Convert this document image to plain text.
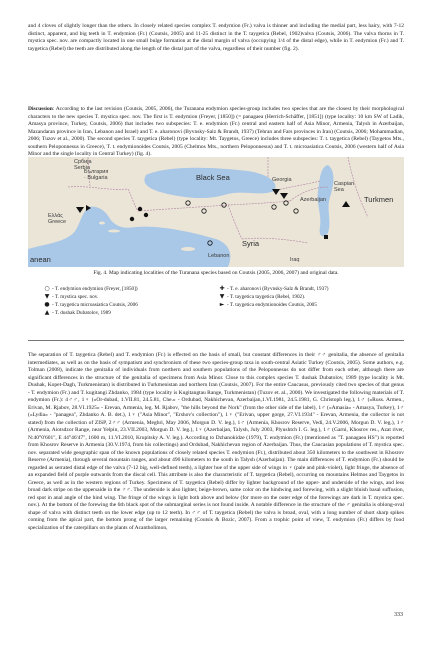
and 4 cloves of slightly longer than the others. In closely related species complex T. endymion (Fr.) valva is thinner and including the medial part, less hairy, with 7-12 distinct, apparent, and big teeth in T. endymion (Fr.) (Coutsis, 2005) and 11-25 distinct in the T. taygetica (Rebel, 1902)valva (Coutsis, 2006). The valva thorns in T. mystica spec. nov. are compactly located in one small bulge formation at the distal margin of valva (occupying 1/4 of the distal edge), while in T. endymion (Fr.) and T. taygetica (Rebel) the teeth are distributed along the length of the distal part of the valva, regardless of their number (fig. 2).

Discussion: According to the last revision (Coutsis, 2005, 2006), the Turanana endymion species-group includes two species that are the closest by their morphological characters to the new species T. mystica spec. nov. The first is T. endymion (Freyer, [1850]) (= panagaea (Herrich-Schäffer, [1851]) (type locality: 10 km SW of Ladik, Amasya province, Turkey, Coutsis, 2006) that includes two subspecies: T. e. endymion (Fr.) central and eastern half of Asia Minor, Armenia, Talysh in Azerbaijan, Mazandaran province in Iran, Lebanon and Israel) and T. e. aharonovi (Byvnsky-Salz & Brandt, 1937) (Tehran and Fars provinces in Iran) (Coutsis, 2006; Mohammadian, 2006; Tuzov et al., 2000). The second species T. taygetica (Rebel) (type locality: Mt. Taygetos, Greece) includes three subspecies: T. t. taygetica (Rebel) (Taygetos Mts., southern Peloponnesus in Greece), T. t. endymionoides Coutsis, 2005 (Chelmos Mts., northern Peloponnesus) and T. t. microasiatica Coutsis, 2006 (western half of Asia Minor and the single locality in Central Turkey) (fig. 4).

Србија
Serbia
България
· Bulgaria	Black Sea	Georgia
Caspian
Sea
Azerbaijan
Ελλάς
Greece
Turkmen
Syria
Lebanon
Iraq
anean

Fig. 4. Map indicating localities of the Turanana species based on Coutsis (2005, 2006, 2007) and original data.

○ - T. endymion endymion (Freyer, [1850])	✚ - T. e. aharonovi (Byvnsky-Salz & Brandt, 1937)
▼ - T. mystica spec. nov.	▼ - T. taygetica taygetica (Rebel, 1902).
● - T. taygetica microasiatica Coutsis, 2006	► - T. taygetica endymionoides Coutsis, 2005
▲ - T. dushak Dubatolov, 1989

The separation of T. taygetica (Rebel) and T. endymion (Fr.) is effected on the basis of small, but constant differences in their ♂♂ genitalia, the absence of genitalia intermediates, as well as on the basis of sympatism and synchronism of these two species-group taxa in south-central Asiatic Turkey (Coutsis, 2005). Some authors, e.g. Tolman (2008), indicate the genitalia of individuals from northern and southern populations of the Peloponnesus do not differ from each other, although there are significant differences in the structure of the genitalia of specimens from Asia Minor. Close to this complex species T. dushak Dubatolov, 1989 (type locality is Mt. Dushak, Kopet-Dagh, Turkmenistan) is distributed in Turkmenistan and northern Iran (Coutsis, 2007). For the entire Caucasus, previously cited two species of that genus - T. endymion (Fr.) and T. kugitangi Zhdanko, 1984 (type locality is Kugitangtau Range, Turkmenistan) (Tuzov et. al., 2000). We investigated the following materials of T. endymion (Fr.): 4♂♂, 1♀ («Or-dubad, 1.VII.81, 24.5.81, Che.» - Ordubad, Nakhichevan, Azerbaijan,1.VI.1981, 24.5.1981, G. Christoph leg.), 1♂ («Russ. Armen., Erivan, M. Rjabov, 28.VI.1925» - Erevan, Armenia, leg. M. Rjabov, "the hills beyond the Nork" (from the other side of the label), 1♂ («Amasia» - Amasya, Turkey), 1♂ («Lydia» - "panagea", Zhdanko A. B. det.), 1♀ ("Asia Minor", "Ershov's collection"), 1♀ ("Erivan, upper gorge, 27.VI.1934" - Erevan, Armenia, the collector is not stated) from the collection of ZISP, 2♂♂ (Armenia, Meghri, May 2006, Morgun D. V. leg.), 1♂ (Armenia, Khosrov Reserve, Vedi, 24.V.2006, Morgun D. V. leg.), 1♂ (Armenia, Aiotsdzor Range, near Yelpin, 23.VII.2003, Morgun D. V. leg.), 1♀ (Azerbaijan, Talysh, July 2003, Plyushtch I. G. leg.), 1♂ (Garni, Khosrov res., Azat river, N:40°0'601", E 44°46'47", 1600 m, 11.VI.2010, Krupitsky A. V. leg.). According to Dzhanokidze (1979), T. endymion (Fr.) (mentioned as "T. panagaea HS") is reported from Khosrov Reserve in Armenia (30.V.1974, from his collectings) and Ordubad, Nakhichevan region of Azerbaijan. Thus, the Caucasian populations of T. mystica spec. nov. separated wide geographic span of the known populations of closely related species T. endymion (Fr.), distributed about 350 kilometers to the southwest in Khosrov Reserve (Armenia), through several mountain ranges, and about 490 kilometers to the south in Talysh (Azerbaijan). The main differences of T. endymion (Fr.) should be regarded as serrated distal edge of the valva (7-12 big, well-defined teeth), a lighter hue of the upper side of wings in ♀ (pale and pink-violet), light fringe, the absence of an expanded field of purple outwards from the discal cell. This attribute is also the characteristic of T. taygetica (Rebel), occurring on mountains Helmos and Taygetos in Greece, as well as in the western regions of Turkey. Specimens of T. taygetica (Rebel) differ by lighter background of the upper- and underside of the wings, and less broad dark stripe on the uppersaide in the ♂♂. The underside is also lighter, beige-brown, same color on the hindwing and forewing, with a slight bluish basal suffusion, red spot in anal angle of the hind wing. The fringe of the wings is light both above and below (for more on the outer edge of the forewings are dark in T. mystica spec. nov.). At the bottom of the forewing the 6th black spot of the submarginal series is not found inside. A notable difference in the structure of the ♂ genitalia is oblong-oval shape of valva with distinct teeth on the lower edge (up to 12 teeth). In ♂♂ of T. taygetica (Rebel) the valva is broad, oval, with a long number of short sharp spikes coming from the apical part, the bottom prong of the larger remaining (Coutsis & Bozic, 2007). From a trophic point of view, T. endymion (Fr.) differs by food specialization of the caterpillars on the plants of Acantholimon,

333
